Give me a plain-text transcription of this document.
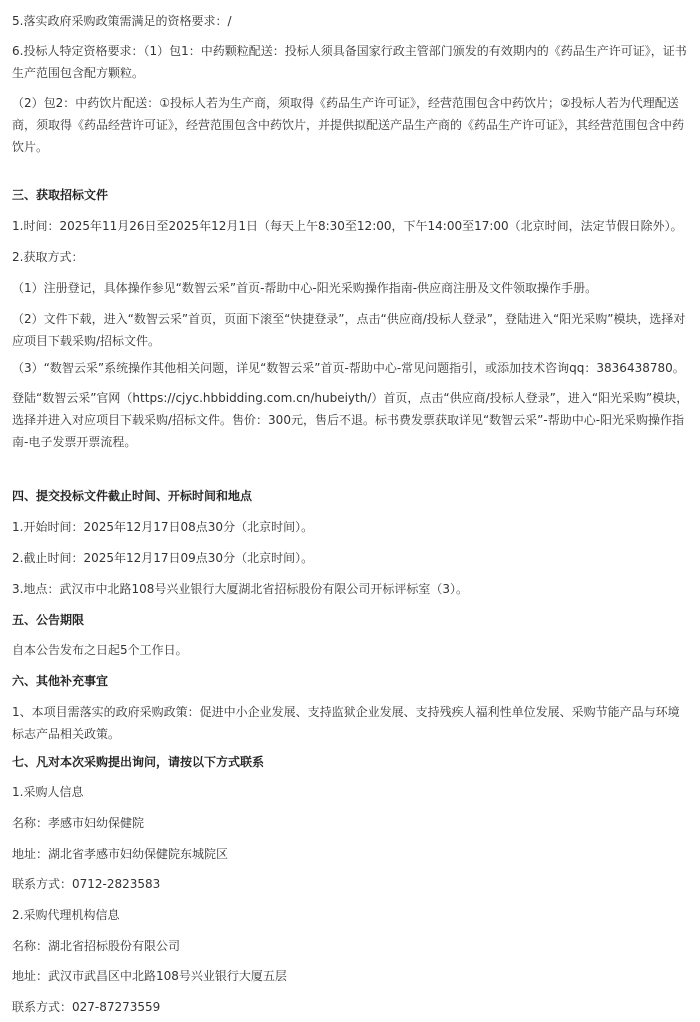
5.落实政府采购政策需满足的资格要求：/

6.投标人特定资格要求：（1）包1：中药颗粒配送：投标人须具备国家行政主管部门颁发的有效期内的《药品生产许可证》，证书生产范围包含配方颗粒。

（2）包2：中药饮片配送：①投标人若为生产商，须取得《药品生产许可证》，经营范围包含中药饮片；②投标人若为代理配送商，须取得《药品经营许可证》，经营范围包含中药饮片，并提供拟配送产品生产商的《药品生产许可证》，其经营范围包含中药饮片。

三、获取招标文件

1.时间：2025年11月26日至2025年12月1日（每天上午8:30至12:00，下午14:00至17:00（北京时间，法定节假日除外）。

2.获取方式：

（1）注册登记，具体操作参见“数智云采”首页-帮助中心-阳光采购操作指南-供应商注册及文件领取操作手册。

（2）文件下载，进入“数智云采”首页，页面下滚至“快捷登录”，点击“供应商/投标人登录”，登陆进入“阳光采购”模块，选择对应项目下载采购/招标文件。

（3）“数智云采”系统操作其他相关问题，详见“数智云采”首页-帮助中心-常见问题指引，或添加技术咨询qq：3836438780。

登陆“数智云采”官网（https://cjyc.hbbidding.com.cn/hubeiyth/）首页，点击“供应商/投标人登录”，进入“阳光采购”模块，选择并进入对应项目下载采购/招标文件。售价：300元，售后不退。标书费发票获取详见“数智云采”-帮助中心-阳光采购操作指南-电子发票开票流程。

四、提交投标文件截止时间、开标时间和地点

1.开始时间：2025年12月17日08点30分（北京时间）。

2.截止时间：2025年12月17日09点30分（北京时间）。

3.地点：武汉市中北路108号兴业银行大厦湖北省招标股份有限公司开标评标室（3）。

五、公告期限

自本公告发布之日起5个工作日。

六、其他补充事宜

1、本项目需落实的政府采购政策：促进中小企业发展、支持监狱企业发展、支持残疾人福利性单位发展、采购节能产品与环境标志产品相关政策。

七、凡对本次采购提出询问，请按以下方式联系

1.采购人信息

名称：孝感市妇幼保健院

地址：湖北省孝感市妇幼保健院东城院区

联系方式：0712-2823583

2.采购代理机构信息

名称：湖北省招标股份有限公司

地址：武汉市武昌区中北路108号兴业银行大厦五层

联系方式：027-87273559
